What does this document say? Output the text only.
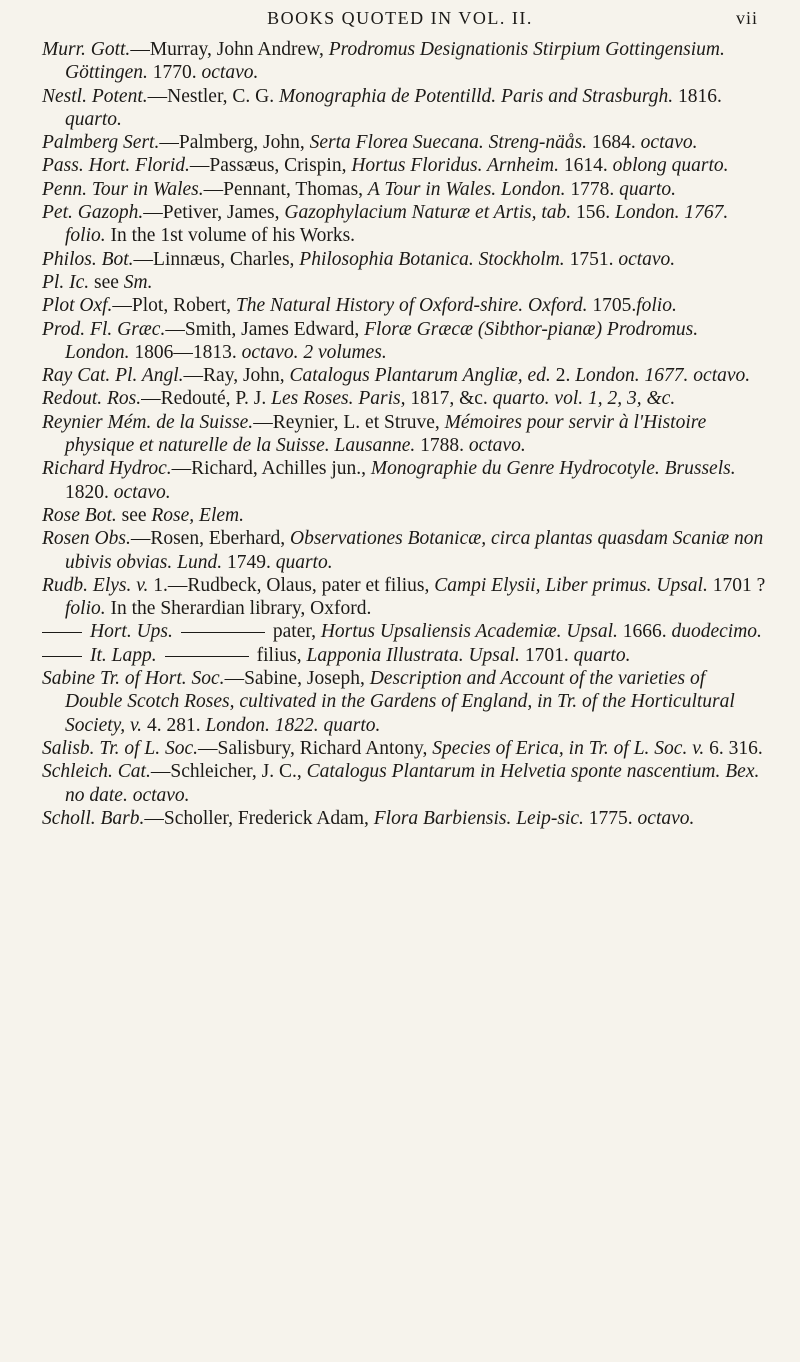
BOOKS QUOTED IN VOL. II.	vii

Murr. Gott.—Murray, John Andrew, Prodromus Designationis Stirpium Gottingensium. Göttingen. 1770. octavo.

Nestl. Potent.—Nestler, C. G. Monographia de Potentilld. Paris and Strasburgh. 1816. quarto.

Palmberg Sert.—Palmberg, John, Serta Florea Suecana. Streng-näås. 1684. octavo.

Pass. Hort. Florid.—Passæus, Crispin, Hortus Floridus. Arnheim. 1614. oblong quarto.

Penn. Tour in Wales.—Pennant, Thomas, A Tour in Wales. London. 1778. quarto.

Pet. Gazoph.—Petiver, James, Gazophylacium Naturæ et Artis, tab. 156. London. 1767. folio. In the 1st volume of his Works.

Philos. Bot.—Linnæus, Charles, Philosophia Botanica. Stockholm. 1751. octavo.

Pl. Ic. see Sm.

Plot Oxf.—Plot, Robert, The Natural History of Oxford-shire. Oxford. 1705.folio.

Prod. Fl. Græc.—Smith, James Edward, Floræ Græcæ (Sibthor-pianæ) Prodromus. London. 1806—1813. octavo. 2 volumes.

Ray Cat. Pl. Angl.—Ray, John, Catalogus Plantarum Angliæ, ed. 2. London. 1677. octavo.

Redout. Ros.—Redouté, P. J. Les Roses. Paris, 1817, &c. quarto. vol. 1, 2, 3, &c.

Reynier Mém. de la Suisse.—Reynier, L. et Struve, Mémoires pour servir à l'Histoire physique et naturelle de la Suisse. Lausanne. 1788. octavo.

Richard Hydroc.—Richard, Achilles jun., Monographie du Genre Hydrocotyle. Brussels. 1820. octavo.

Rose Bot. see Rose, Elem.

Rosen Obs.—Rosen, Eberhard, Observationes Botanicæ, circa plantas quasdam Scaniæ non ubivis obvias. Lund. 1749. quarto.

Rudb. Elys. v. 1.—Rudbeck, Olaus, pater et filius, Campi Elysii, Liber primus. Upsal. 1701 ? folio. In the Sherardian library, Oxford.

Hort. Ups.	pater, Hortus Upsaliensis Academiæ. Upsal. 1666. duodecimo.

It. Lapp.	filius, Lapponia Illustrata. Upsal. 1701. quarto.

Sabine Tr. of Hort. Soc.—Sabine, Joseph, Description and Account of the varieties of Double Scotch Roses, cultivated in the Gardens of England, in Tr. of the Horticultural Society, v. 4. 281. London. 1822. quarto.

Salisb. Tr. of L. Soc.—Salisbury, Richard Antony, Species of Erica, in Tr. of L. Soc. v. 6. 316.

Schleich. Cat.—Schleicher, J. C., Catalogus Plantarum in Helvetia sponte nascentium. Bex. no date. octavo.

Scholl. Barb.—Scholler, Frederick Adam, Flora Barbiensis. Leip-sic. 1775. octavo.
